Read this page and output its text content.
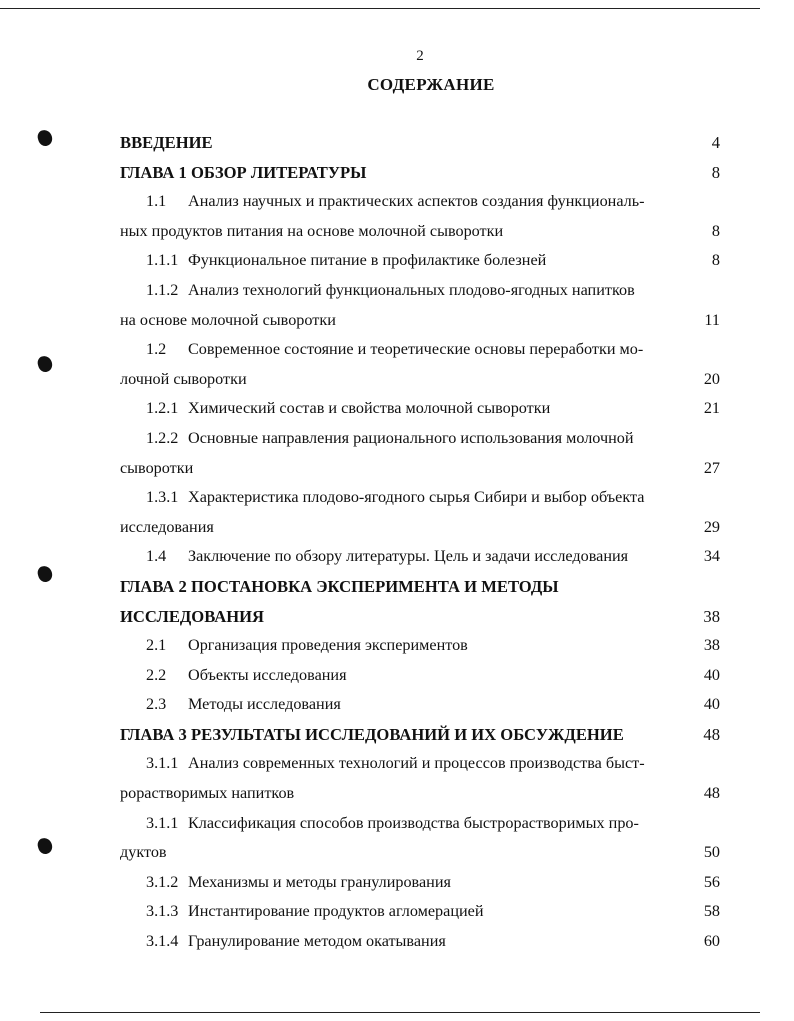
2
СОДЕРЖАНИЕ
ВВЕДЕНИЕ	4
ГЛАВА 1 ОБЗОР ЛИТЕРАТУРЫ	8
1.1 Анализ научных и практических аспектов создания функциональ-
ных продуктов питания на основе молочной сыворотки	8
1.1.1 Функциональное питание в профилактике болезней	8
1.1.2 Анализ технологий функциональных плодово-ягодных напитков
на основе молочной сыворотки	11
1.2 Современное состояние и теоретические основы переработки мо-
лочной сыворотки	20
1.2.1 Химический состав и свойства молочной сыворотки	21
1.2.2 Основные направления рационального использования молочной
сыворотки	27
1.3.1 Характеристика плодово-ягодного сырья Сибири и выбор объекта
исследования	29
1.4 Заключение по обзору литературы. Цель и задачи исследования	34
ГЛАВА 2 ПОСТАНОВКА ЭКСПЕРИМЕНТА И МЕТОДЫ
ИССЛЕДОВАНИЯ	38
2.1 Организация проведения экспериментов	38
2.2 Объекты исследования	40
2.3 Методы исследования	40
ГЛАВА 3 РЕЗУЛЬТАТЫ ИССЛЕДОВАНИЙ И ИХ ОБСУЖДЕНИЕ	48
3.1.1 Анализ современных технологий и процессов производства быст-
рорастворимых напитков	48
3.1.1 Классификация способов производства быстрорастворимых про-
дуктов	50
3.1.2 Механизмы и методы гранулирования	56
3.1.3 Инстантирование продуктов агломерацией	58
3.1.4 Гранулирование методом окатывания	60
